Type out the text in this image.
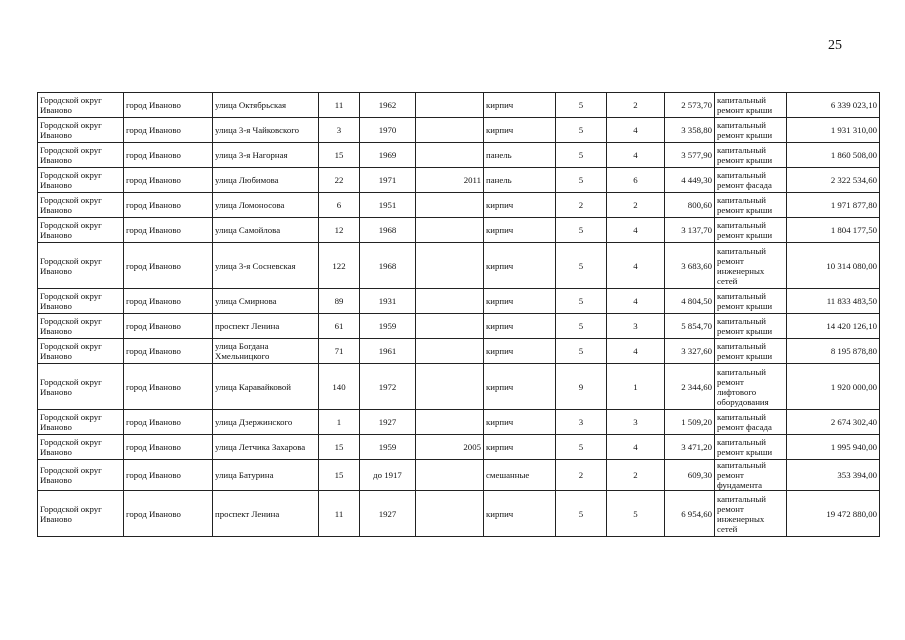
25
Городской округ Иваново	город Иваново	улица Октябрьская	11	1962		кирпич	5	2	2 573,70	капитальный ремонт крыши	6 339 023,10
Городской округ Иваново	город Иваново	улица 3-я Чайковского	3	1970		кирпич	5	4	3 358,80	капитальный ремонт крыши	1 931 310,00
Городской округ Иваново	город Иваново	улица 3-я Нагорная	15	1969		панель	5	4	3 577,90	капитальный ремонт крыши	1 860 508,00
Городской округ Иваново	город Иваново	улица Любимова	22	1971	2011	панель	5	6	4 449,30	капитальный ремонт фасада	2 322 534,60
Городской округ Иваново	город Иваново	улица Ломоносова	6	1951		кирпич	2	2	800,60	капитальный ремонт крыши	1 971 877,80
Городской округ Иваново	город Иваново	улица Самойлова	12	1968		кирпич	5	4	3 137,70	капитальный ремонт крыши	1 804 177,50
Городской округ Иваново	город Иваново	улица 3-я Сосневская	122	1968		кирпич	5	4	3 683,60	капитальный ремонт инженерных сетей	10 314 080,00
Городской округ Иваново	город Иваново	улица Смирнова	89	1931		кирпич	5	4	4 804,50	капитальный ремонт крыши	11 833 483,50
Городской округ Иваново	город Иваново	проспект Ленина	61	1959		кирпич	5	3	5 854,70	капитальный ремонт крыши	14 420 126,10
Городской округ Иваново	город Иваново	улица Богдана Хмельницкого	71	1961		кирпич	5	4	3 327,60	капитальный ремонт крыши	8 195 878,80
Городской округ Иваново	город Иваново	улица Каравайковой	140	1972		кирпич	9	1	2 344,60	капитальный ремонт лифтового оборудования	1 920 000,00
Городской округ Иваново	город Иваново	улица Дзержинского	1	1927		кирпич	3	3	1 509,20	капитальный ремонт фасада	2 674 302,40
Городской округ Иваново	город Иваново	улица Летчика Захарова	15	1959	2005	кирпич	5	4	3 471,20	капитальный ремонт крыши	1 995 940,00
Городской округ Иваново	город Иваново	улица Батурина	15	до 1917		смешанные	2	2	609,30	капитальный ремонт фундамента	353 394,00
Городской округ Иваново	город Иваново	проспект Ленина	11	1927		кирпич	5	5	6 954,60	капитальный ремонт инженерных сетей	19 472 880,00
